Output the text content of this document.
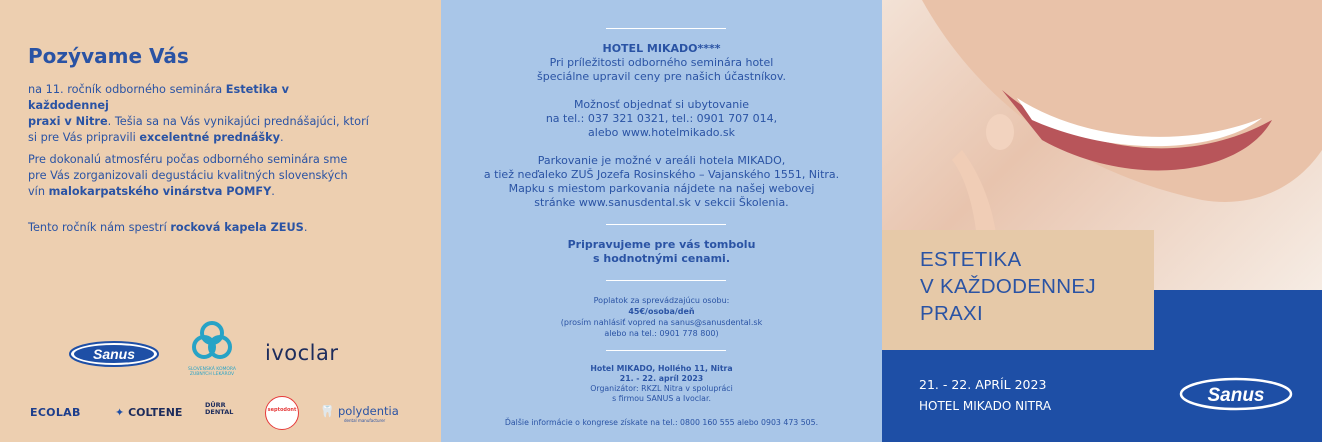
Pozývame Vás
na 11. ročník odborného seminára Estetika v každodennej
praxi v Nitre. Tešia sa na Vás vynikajúci prednášajúci, ktorí
si pre Vás pripravili excelentné prednášky.
Pre dokonalú atmosféru počas odborného seminára sme
pre Vás zorganizovali degustáciu kvalitných slovenských
vín malokarpatského vinárstva POMFY.
Tento ročník nám spestrí rocková kapela ZEUS.
Sanus
SLOVENSKÁ KOMORA ZUBNÝCH LEKÁROV
ivoclar
ECOLAB	✦ COLTENE
DÜRR DENTAL	septodont 🦷 polydentia
dental manufacturer
HOTEL MIKADO****
Pri príležitosti odborného seminára hotel
špeciálne upravil ceny pre našich účastníkov.
Možnosť objednať si ubytovanie
na tel.: 037 321 0321, tel.: 0901 707 014,
alebo www.hotelmikado.sk
Parkovanie je možné v areáli hotela MIKADO,
a tiež neďaleko ZUŠ Jozefa Rosinského – Vajanského 1551, Nitra.
Mapku s miestom parkovania nájdete na našej webovej
stránke www.sanusdental.sk v sekcii Školenia.
Pripravujeme pre vás tombolu
s hodnotnými cenami.
Poplatok za sprevádzajúcu osobu:
45€/osoba/deň
(prosím nahlásiť vopred na sanus@sanusdental.sk
alebo na tel.: 0901 778 800)
Hotel MIKADO, Hollého 11, Nitra
21. - 22. apríl 2023
Organizátor: RKZL Nitra v spolupráci
s firmou SANUS a Ivoclar.
Ďalšie informácie o kongrese získate na tel.: 0800 160 555 alebo 0903 473 505.
ESTETIKA
V KAŽDODENNEJ
PRAXI
21. - 22. APRÍL 2023
HOTEL MIKADO NITRA	Sanus
